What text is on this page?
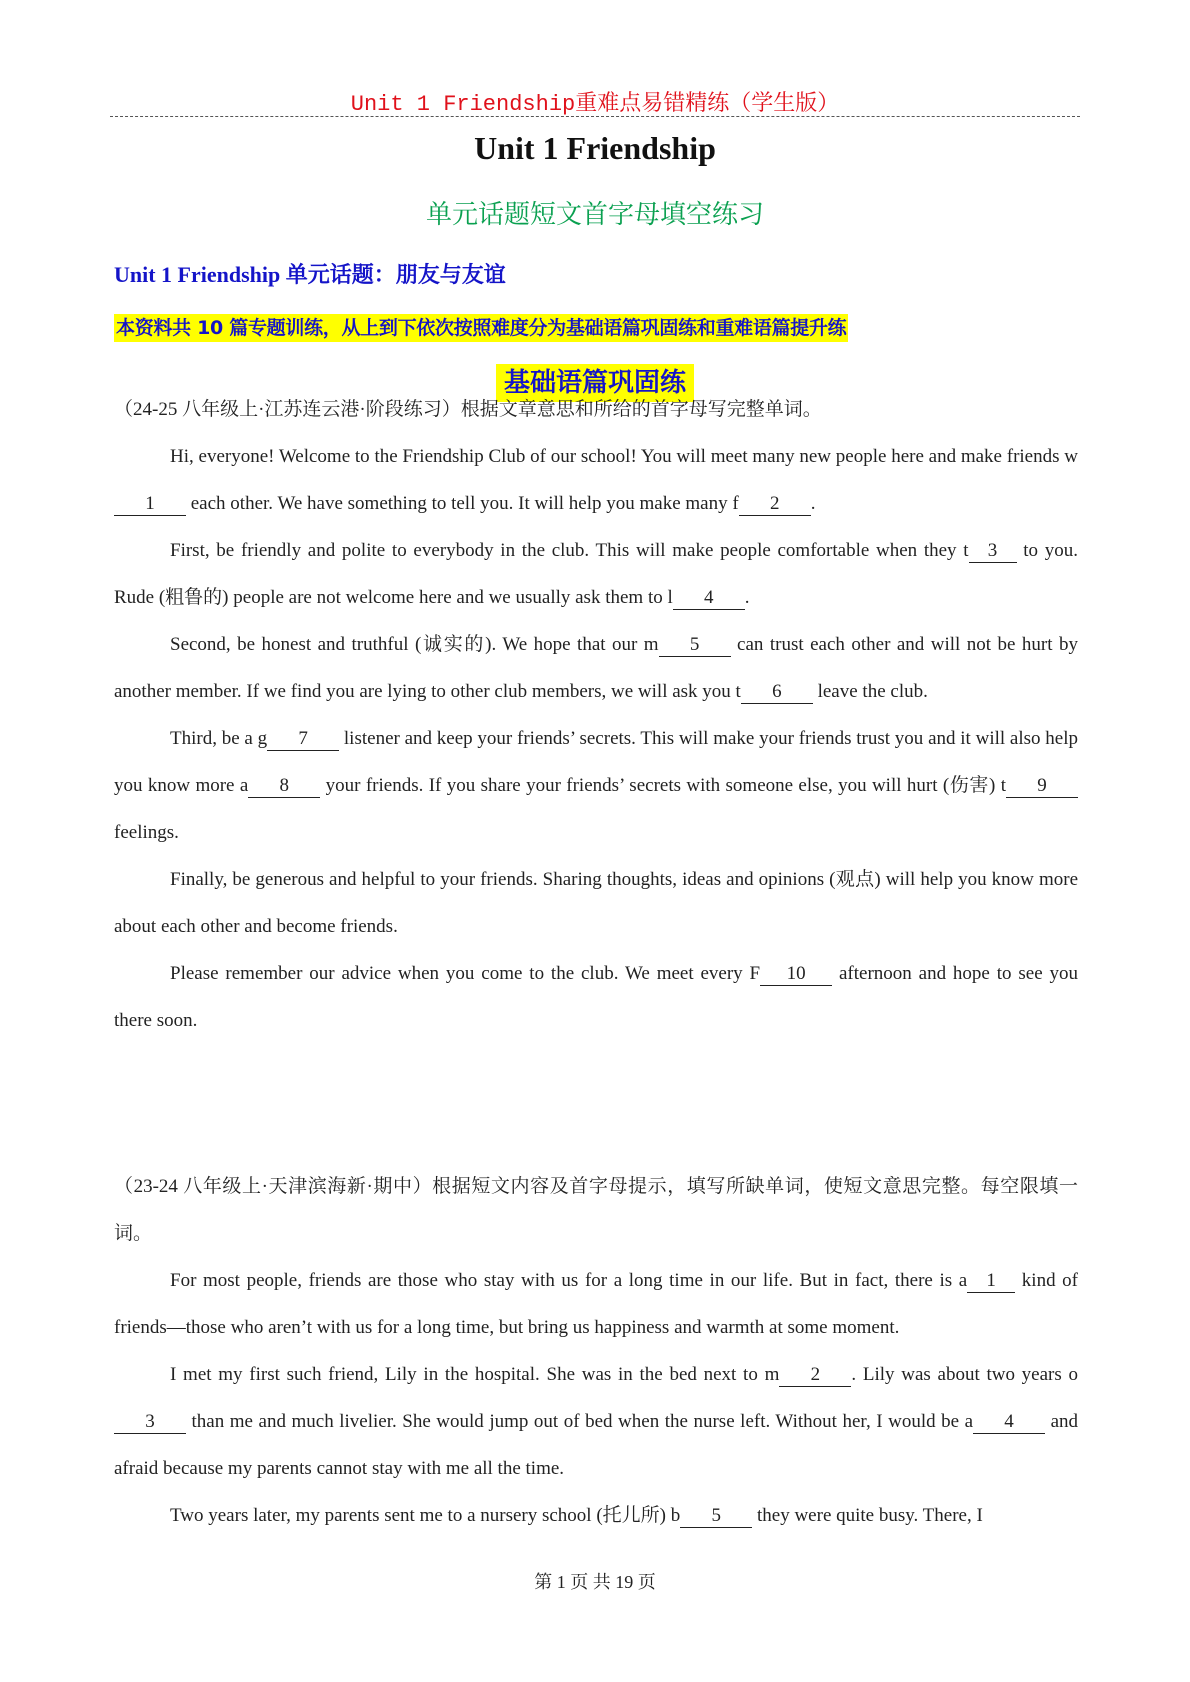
Unit 1 Friendship重难点易错精练（学生版）
Unit 1 Friendship
单元话题短文首字母填空练习
Unit 1 Friendship 单元话题：朋友与友谊
本资料共 10 篇专题训练，从上到下依次按照难度分为基础语篇巩固练和重难语篇提升练
基础语篇巩固练

（24-25 八年级上·江苏连云港·阶段练习）根据文章意思和所给的首字母写完整单词。

Hi, everyone! Welcome to the Friendship Club of our school! You will meet many new people here and make friends w1 each other. We have something to tell you. It will help you make many f 2 .

First, be friendly and polite to everybody in the club. This will make people comfortable when they t 3 to you. Rude (粗鲁的) people are not welcome here and we usually ask them to l 4 .

Second, be honest and truthful (诚实的). We hope that our m 5 can trust each other and will not be hurt by another member. If we find you are lying to other club members, we will ask you t 6 leave the club.

Third, be a g 7 listener and keep your friends’ secrets. This will make your friends trust you and it will also help you know more a 8 your friends. If you share your friends’ secrets with someone else, you will hurt (伤害) t 9 feelings.

Finally, be generous and helpful to your friends. Sharing thoughts, ideas and opinions (观点) will help you know more about each other and become friends.

Please remember our advice when you come to the club. We meet every F 10 afternoon and hope to see you there soon.

（23-24 八年级上·天津滨海新·期中）根据短文内容及首字母提示，填写所缺单词，使短文意思完整。每空限填一词。

For most people, friends are those who stay with us for a long time in our life. But in fact, there is a 1 kind of friends—those who aren’t with us for a long time, but bring us happiness and warmth at some moment.

I met my first such friend, Lily in the hospital. She was in the bed next to m 2 . Lily was about two years o3 than me and much livelier. She would jump out of bed when the nurse left. Without her, I would be a 4 and afraid because my parents cannot stay with me all the time.

Two years later, my parents sent me to a nursery school (托儿所) b 5 they were quite busy. There, I

第 1 页 共 19 页
